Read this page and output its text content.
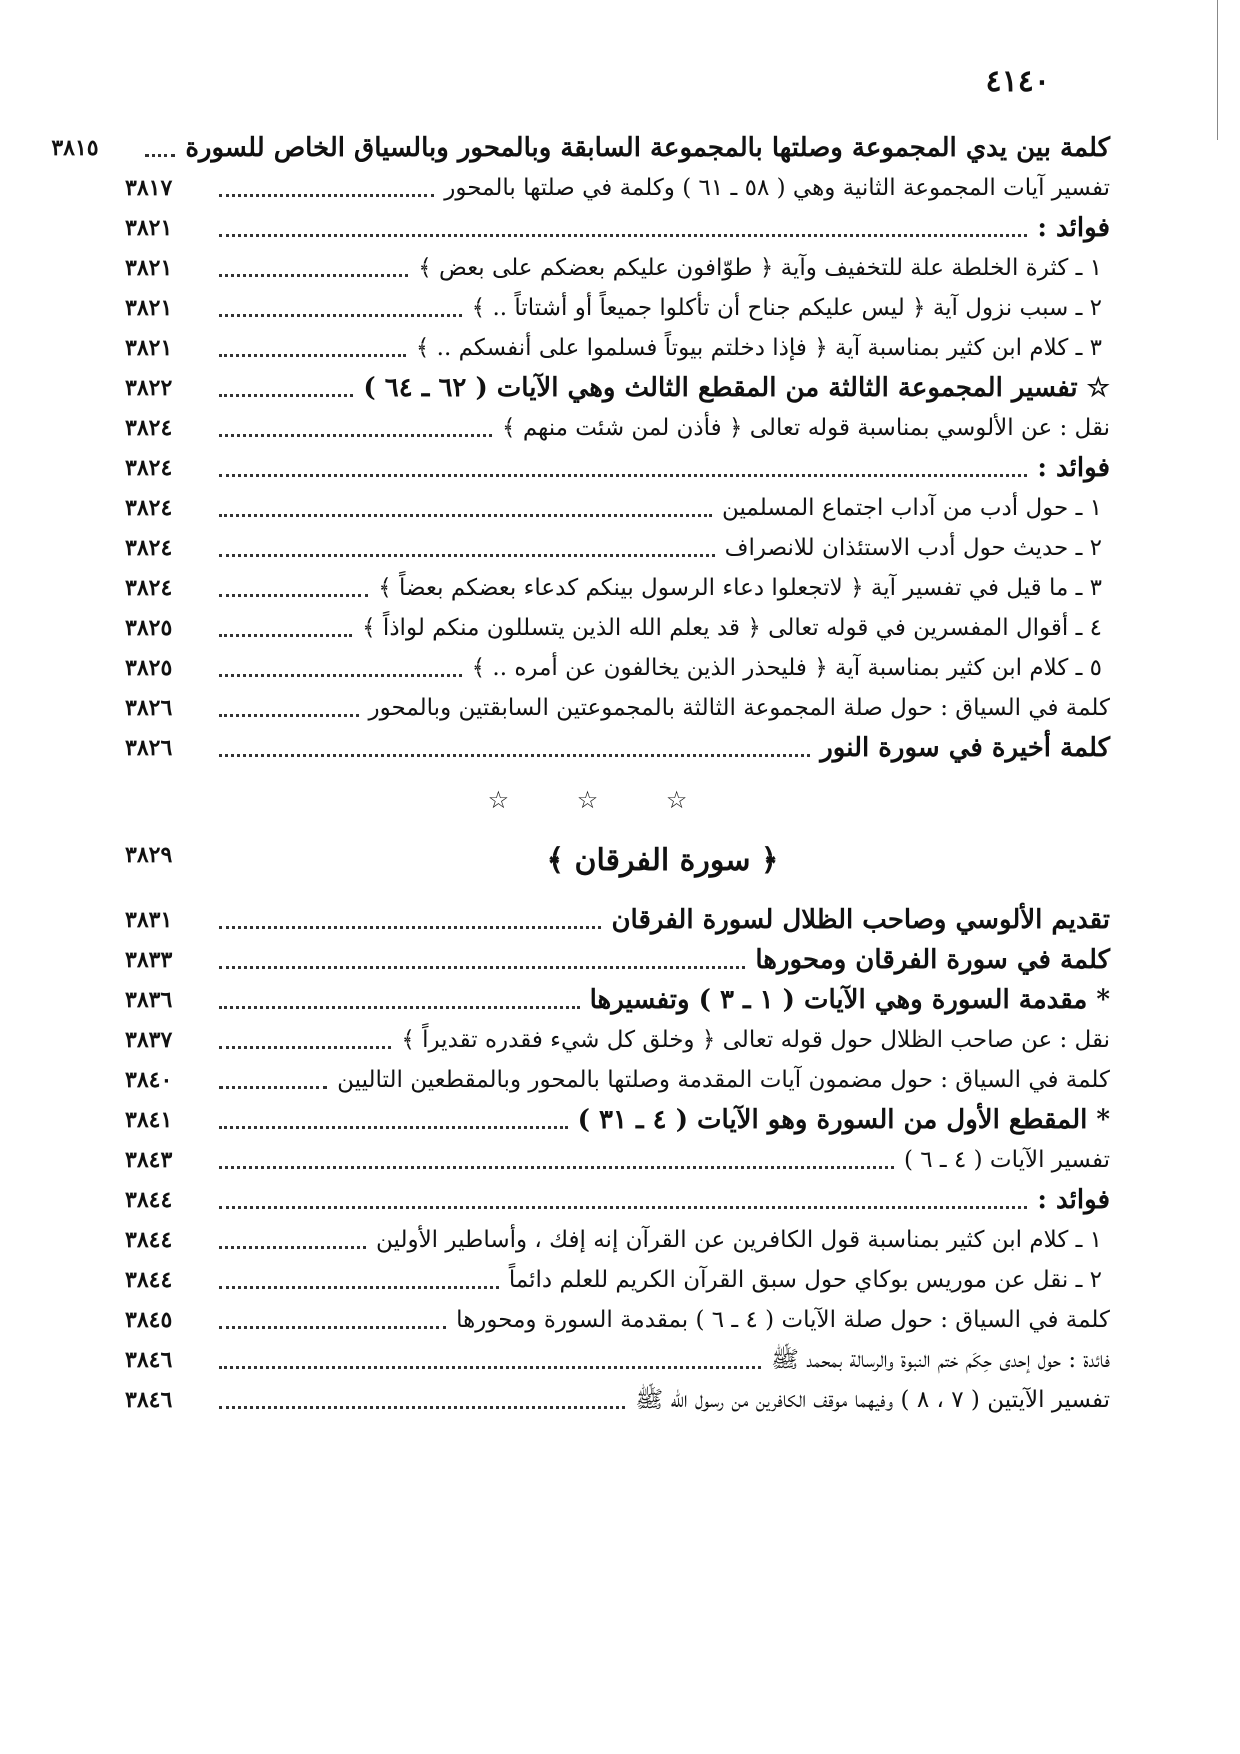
٤١٤٠
كلمة بين يدي المجموعة وصلتها بالمجموعة السابقة وبالمحور وبالسياق الخاص للسورة
٣٨١٥
تفسير آيات المجموعة الثانية وهي ( ٥٨ ـ ٦١ ) وكلمة في صلتها بالمحور
٣٨١٧
فوائد :
٣٨٢١
١ ـ كثرة الخلطة علة للتخفيف وآية ﴿ طوّافون عليكم بعضكم على بعض ﴾
٣٨٢١
٢ ـ سبب نزول آية ﴿ ليس عليكم جناح أن تأكلوا جميعاً أو أشتاتاً .. ﴾
٣٨٢١
٣ ـ كلام ابن كثير بمناسبة آية ﴿ فإذا دخلتم بيوتاً فسلموا على أنفسكم .. ﴾
٣٨٢١
☆ تفسير المجموعة الثالثة من المقطع الثالث وهي الآيات ( ٦٢ ـ ٦٤ )
٣٨٢٢
نقل : عن الألوسي بمناسبة قوله تعالى ﴿ فأذن لمن شئت منهم ﴾
٣٨٢٤
فوائد :
٣٨٢٤
١ ـ حول أدب من آداب اجتماع المسلمين
٣٨٢٤
٢ ـ حديث حول أدب الاستئذان للانصراف
٣٨٢٤
٣ ـ ما قيل في تفسير آية ﴿ لاتجعلوا دعاء الرسول بينكم كدعاء بعضكم بعضاً ﴾
٣٨٢٤
٤ ـ أقوال المفسرين في قوله تعالى ﴿ قد يعلم الله الذين يتسللون منكم لواذاً ﴾
٣٨٢٥
٥ ـ كلام ابن كثير بمناسبة آية ﴿ فليحذر الذين يخالفون عن أمره .. ﴾
٣٨٢٥
كلمة في السياق : حول صلة المجموعة الثالثة بالمجموعتين السابقتين وبالمحور
٣٨٢٦
كلمة أخيرة في سورة النور
٣٨٢٦
☆ ☆ ☆
﴿ سورة الفرقان ﴾
٣٨٢٩
تقديم الألوسي وصاحب الظلال لسورة الفرقان
٣٨٣١
كلمة في سورة الفرقان ومحورها
٣٨٣٣
* مقدمة السورة وهي الآيات ( ١ ـ ٣ ) وتفسيرها
٣٨٣٦
نقل : عن صاحب الظلال حول قوله تعالى ﴿ وخلق كل شيء فقدره تقديراً ﴾
٣٨٣٧
كلمة في السياق : حول مضمون آيات المقدمة وصلتها بالمحور وبالمقطعين التاليين
٣٨٤٠
* المقطع الأول من السورة وهو الآيات ( ٤ ـ ٣١ )
٣٨٤١
تفسير الآيات ( ٤ ـ ٦ )
٣٨٤٣
فوائد :
٣٨٤٤
١ ـ كلام ابن كثير بمناسبة قول الكافرين عن القرآن إنه إفك ، وأساطير الأولين
٣٨٤٤
٢ ـ نقل عن موريس بوكاي حول سبق القرآن الكريم للعلم دائماً
٣٨٤٤
كلمة في السياق : حول صلة الآيات ( ٤ ـ ٦ ) بمقدمة السورة ومحورها
٣٨٤٥
فائدة : حول إحدى حِكَم ختم النبوة والرسالة بمحمد ﷺ
٣٨٤٦
تفسير الآيتين ( ٧ ، ٨ ) وفيهما موقف الكافرين من رسول الله ﷺ
٣٨٤٦
